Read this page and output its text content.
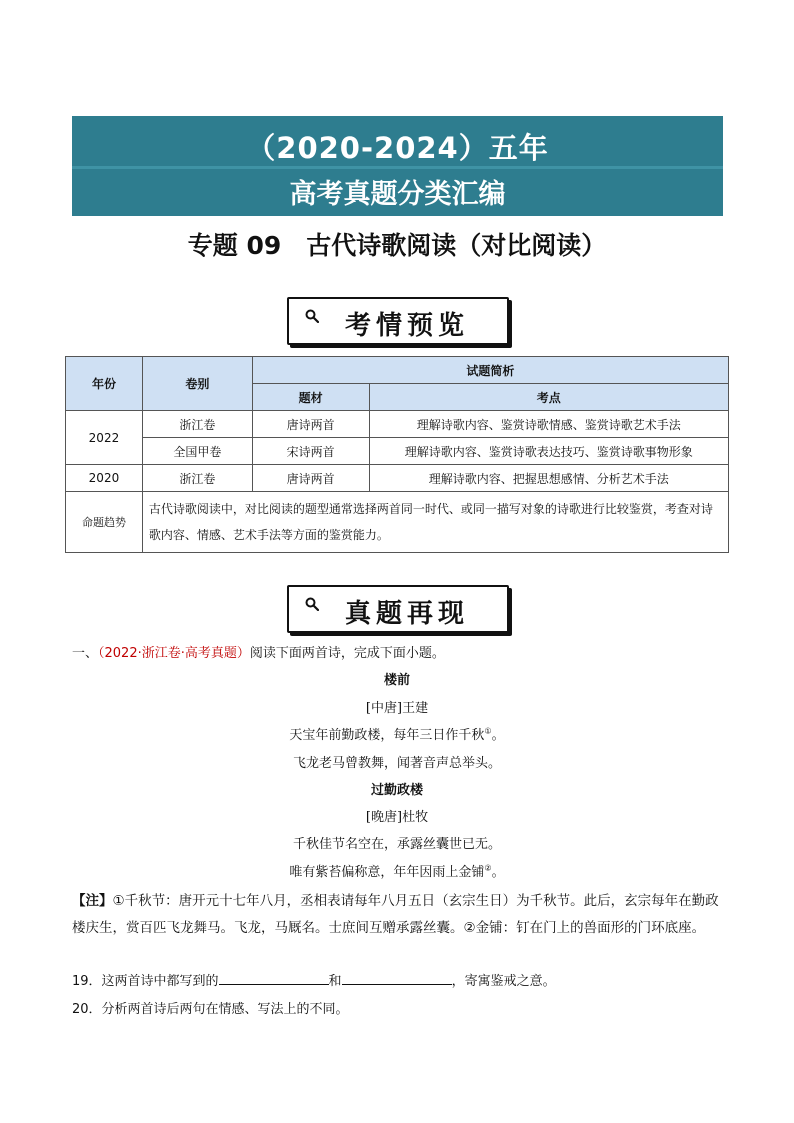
（2020-2024）五年
高考真题分类汇编
专题 09　古代诗歌阅读（对比阅读）
考情预览
年份	卷别	试题简析	
		题材	考点
2022	浙江卷	唐诗两首	理解诗歌内容、鉴赏诗歌情感、鉴赏诗歌艺术手法
	全国甲卷	宋诗两首	理解诗歌内容、鉴赏诗歌表达技巧、鉴赏诗歌事物形象
2020	浙江卷	唐诗两首	理解诗歌内容、把握思想感情、分析艺术手法
命题趋势	古代诗歌阅读中，对比阅读的题型通常选择两首同一时代、或同一描写对象的诗歌进行比较鉴赏，考查对诗歌内容、情感、艺术手法等方面的鉴赏能力。		
真题再现
一、（2022·浙江卷·高考真题）阅读下面两首诗，完成下面小题。
楼前
[中唐]王建
天宝年前勤政楼，每年三日作千秋①。
飞龙老马曾教舞，闻著音声总举头。
过勤政楼
[晚唐]杜牧
千秋佳节名空在，承露丝囊世已无。
唯有紫苔偏称意，年年因雨上金铺②。
【注】①千秋节：唐开元十七年八月，丞相表请每年八月五日（玄宗生日）为千秋节。此后，玄宗每年在勤政楼庆生，赏百匹飞龙舞马。飞龙，马厩名。士庶间互赠承露丝囊。②金铺：钉在门上的兽面形的门环底座。
19．这两首诗中都写到的	和	，寄寓鉴戒之意。
20．分析两首诗后两句在情感、写法上的不同。
